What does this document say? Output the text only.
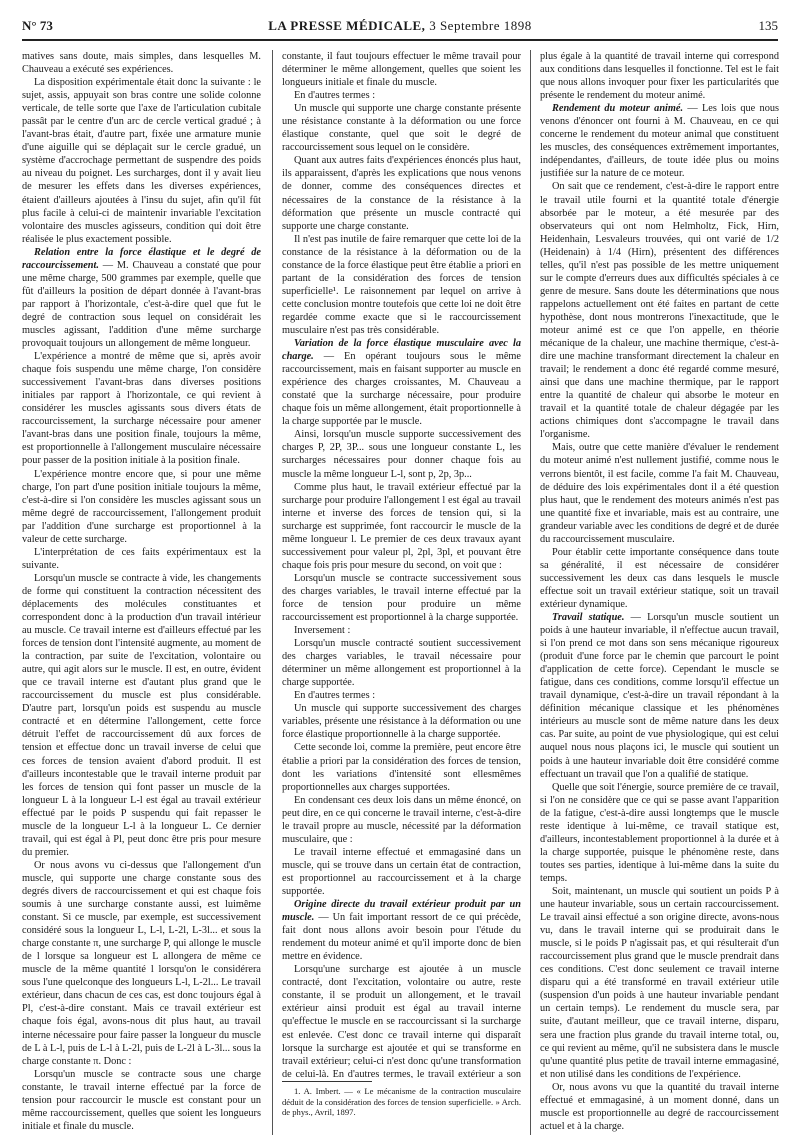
N° 73	LA PRESSE MÉDICALE, 3 Septembre 1898	135

matives sans doute, mais simples, dans lesquelles M. Chauveau a exécuté ses expériences.

La disposition expérimentale était donc la suivante : le sujet, assis, appuyait son bras contre une solide colonne verticale, de telle sorte que l'axe de l'articulation cubitale passât par le centre d'un arc de cercle vertical gradué ; à l'avant-bras était, d'autre part, fixée une armature munie d'une aiguille qui se déplaçait sur le cercle gradué, un système d'accrochage permettant de suspendre des poids au niveau du poignet. Les surcharges, dont il y avait lieu de mesurer les effets dans les diverses expériences, étaient d'ailleurs ajoutées à l'insu du sujet, afin qu'il fût plus facile à celui-ci de maintenir invariable l'excitation volontaire des muscles agisseurs, condition qui doit être réalisée le plus exactement possible.

Relation entre la force élastique et le degré de raccourcissement. — M. Chauveau a constaté que pour une même charge, 500 grammes par exemple, quelle que fût d'ailleurs la position de départ donnée à l'avant-bras par rapport à l'horizontale, c'est-à-dire quel que fut le degré de contraction sous lequel on considérait les muscles agissant, l'addition d'une même surcharge provoquait toujours un allongement de même longueur.

L'expérience a montré de même que si, après avoir chaque fois suspendu une même charge, l'on considère successivement l'avant-bras dans diverses positions initiales par rapport à l'horizontale, ce qui revient à considérer les muscles agissants sous divers états de raccourcissement, la surcharge nécessaire pour amener l'avant-bras dans une position finale, toujours la même, est proportionnelle à l'allongement musculaire nécessaire pour passer de la position initiale à la position finale.

L'expérience montre encore que, si pour une même charge, l'on part d'une position initiale toujours la même, c'est-à-dire si l'on considère les muscles agissant sous un même degré de raccourcissement, l'allongement produit par l'addition d'une surcharge est proportionnel à la valeur de cette surcharge.

L'interprétation de ces faits expérimentaux est la suivante.

Lorsqu'un muscle se contracte à vide, les changements de forme qui constituent la contraction nécessitent des déplacements des molécules constituantes et correspondent donc à la production d'un travail intérieur au muscle. Ce travail interne est d'ailleurs effectué par les forces de tension dont l'intensité augmente, au moment de la contraction, par suite de l'excitation, volontaire ou autre, qui agit alors sur le muscle. Il est, en outre, évident que ce travail interne est d'autant plus grand que le raccourcissement du muscle est plus considérable. D'autre part, lorsqu'un poids est suspendu au muscle contracté et en détermine l'allongement, cette force détruit l'effet de raccourcissement dû aux forces de tension et effectue donc un travail inverse de celui que ces forces de tension avaient d'abord produit. Il est d'ailleurs incontestable que le travail interne produit par les forces de tension qui font passer un muscle de la longueur L à la longueur L-l est égal au travail extérieur effectué par le poids P suspendu qui fait repasser le muscle de la longueur L-l à la longueur L. Ce dernier travail, qui est égal à Pl, peut donc être pris pour mesure du premier.

Or nous avons vu ci-dessus que l'allongement d'un muscle, qui supporte une charge constante sous des degrés divers de raccourcissement et qui est chaque fois soumis à une surcharge constante aussi, est luimême constant. Si ce muscle, par exemple, est successivement considéré sous la longueur L, L-l, L-2l, L-3l... et sous la charge constante π, une surcharge P, qui allonge le muscle de l lorsque sa longueur est L allongera de même ce muscle de la même quantité l lorsqu'on le considérera sous l'une quelconque des longueurs L-l, L-2l... Le travail extérieur, dans chacun de ces cas, est donc toujours égal à Pl, c'est-à-dire constant. Mais ce travail extérieur est chaque fois égal, avons-nous dit plus haut, au travail interne nécessaire pour faire passer la longueur du muscle de L à L-l, puis de L-l à L-2l, puis de L-2l à L-3l... sous la charge constante π. Donc :

Lorsqu'un muscle se contracte sous une charge constante, le travail interne effectué par la force de tension pour raccourcir le muscle est constant pour un même raccourcissement, quelles que soient les longueurs initiale et finale du muscle.

constante, il faut toujours effectuer le même travail pour déterminer le même allongement, quelles que soient les longueurs initiale et finale du muscle.

En d'autres termes :

Un muscle qui supporte une charge constante présente une résistance constante à la déformation ou une force élastique constante, quel que soit le degré de raccourcissement sous lequel on le considère.

Quant aux autres faits d'expériences énoncés plus haut, ils apparaissent, d'après les explications que nous venons de donner, comme des conséquences directes et nécessaires de la constance de la résistance à la déformation que présente un muscle contracté qui supporte une charge constante.

Il n'est pas inutile de faire remarquer que cette loi de la constance de la résistance à la déformation ou de la constance de la force élastique peut être établie a priori en partant de la considération des forces de tension superficielle¹. Le raisonnement par lequel on arrive à cette conclusion montre toutefois que cette loi ne doit être regardée comme exacte que si le raccourcissement musculaire n'est pas très considérable.

Variation de la force élastique musculaire avec la charge. — En opérant toujours sous le même raccourcissement, mais en faisant supporter au muscle en expérience des charges croissantes, M. Chauveau a constaté que la surcharge nécessaire, pour produire chaque fois un même allongement, était proportionnelle à la charge supportée par le muscle.

Ainsi, lorsqu'un muscle supporte successivement des charges P, 2P, 3P... sous une longueur constante L, les surcharges nécessaires pour donner chaque fois au muscle la même longueur L-l, sont p, 2p, 3p...

Comme plus haut, le travail extérieur effectué par la surcharge pour produire l'allongement l est égal au travail interne et inverse des forces de tension qui, si la surcharge est supprimée, font raccourcir le muscle de la même longueur l. Le premier de ces deux travaux ayant successivement pour valeur pl, 2pl, 3pl, et pouvant être chaque fois pris pour mesure du second, on voit que :

Lorsqu'un muscle se contracte successivement sous des charges variables, le travail interne effectué par la force de tension pour produire un même raccourcissement est proportionnel à la charge supportée.

Inversement :

Lorsqu'un muscle contracté soutient successivement des charges variables, le travail nécessaire pour déterminer un même allongement est proportionnel à la charge supportée.

En d'autres termes :

Un muscle qui supporte successivement des charges variables, présente une résistance à la déformation ou une force élastique proportionnelle à la charge supportée.

Cette seconde loi, comme la première, peut encore être établie a priori par la considération des forces de tension, dont les variations d'intensité sont ellesmêmes proportionnelles aux charges supportées.

En condensant ces deux lois dans un même énoncé, on peut dire, en ce qui concerne le travail interne, c'est-à-dire le travail propre au muscle, nécessité par la déformation musculaire, que :

Le travail interne effectué et emmagasiné dans un muscle, qui se trouve dans un certain état de contraction, est proportionnel au raccourcissement et à la charge supportée.

Origine directe du travail extérieur produit par un muscle. — Un fait important ressort de ce qui précède, fait dont nous allons avoir besoin pour l'étude du rendement du moteur animé et qu'il importe donc de bien mettre en évidence.

Lorsqu'une surcharge est ajoutée à un muscle contracté, dont l'excitation, volontaire ou autre, reste constante, il se produit un allongement, et le travail extérieur ainsi produit est égal au travail interne qu'effectue le muscle en se raccourcissant si la surcharge est enlevée. C'est donc ce travail interne qui disparaît lorsque la surcharge est ajoutée et qui se transforme en travail extérieur; celui-ci n'est donc qu'une transformation de celui-là. En d'autres termes, le travail extérieur a son

1. A. Imbert. — « Le mécanisme de la contraction musculaire déduit de la considération des forces de tension superficielle. » Arch. de phys., Avril, 1897.

plus égale à la quantité de travail interne qui correspond aux conditions dans lesquelles il fonctionne. Tel est le fait que nous allons invoquer pour fixer les particularités que présente le rendement du moteur animé.

Rendement du moteur animé. — Les lois que nous venons d'énoncer ont fourni à M. Chauveau, en ce qui concerne le rendement du moteur animal que constituent les muscles, des conséquences extrêmement importantes, indépendantes, d'ailleurs, de toute idée plus ou moins justifiée sur la nature de ce moteur.

On sait que ce rendement, c'est-à-dire le rapport entre le travail utile fourni et la quantité totale d'énergie absorbée par le moteur, a été mesurée par des observateurs qui ont nom Helmholtz, Fick, Hirn, Heidenhain, Lesvaleurs trouvées, qui ont varié de 1/2 (Heidenain) à 1/4 (Hirn), présentent des différences telles, qu'il n'est pas possible de les mettre uniquement sur le compte d'erreurs dues aux difficultés spéciales à ce genre de mesure. Sans doute les déterminations que nous rappelons actuellement ont été faites en partant de cette hypothèse, dont nous montrerons l'inexactitude, que le moteur animé est ce que l'on appelle, en théorie mécanique de la chaleur, une machine thermique, c'est-à-dire une machine transformant directement la chaleur en travail; le rendement a donc été regardé comme mesuré, ainsi que dans une machine thermique, par le rapport entre la quantité de chaleur qui absorbe le moteur en travail et la quantité totale de chaleur dégagée par les actions chimiques dont s'accompagne le travail dans l'organisme.

Mais, outre que cette manière d'évaluer le rendement du moteur animé n'est nullement justifié, comme nous le verrons bientôt, il est facile, comme l'a fait M. Chauveau, de déduire des lois expérimentales dont il a été question plus haut, que le rendement des moteurs animés n'est pas une quantité fixe et invariable, mais est au contraire, une grandeur variable avec les conditions de degré et de durée du raccourcissement musculaire.

Pour établir cette importante conséquence dans toute sa généralité, il est nécessaire de considérer successivement les deux cas dans lesquels le muscle effectue soit un travail extérieur statique, soit un travail extérieur dynamique.

Travail statique. — Lorsqu'un muscle soutient un poids à une hauteur invariable, il n'effectue aucun travail, si l'on prend ce mot dans son sens mécanique rigoureux (produit d'une force par le chemin que parcourt le point d'application de cette force). Cependant le muscle se fatigue, dans ces conditions, comme lorsqu'il effectue un travail dynamique, c'est-à-dire un travail répondant à la définition mécanique classique et les phénomènes intérieurs au muscle sont de même nature dans les deux cas. Par suite, au point de vue physiologique, qui est celui auquel nous nous plaçons ici, le muscle qui soutient un poids à une hauteur invariable doit être considéré comme effectuant un travail que l'on a qualifié de statique.

Quelle que soit l'énergie, source première de ce travail, si l'on ne considère que ce qui se passe avant l'apparition de la fatigue, c'est-à-dire aussi longtemps que le muscle reste identique à lui-même, ce travail statique est, d'ailleurs, incontestablement proportionnel à la durée et à la charge supportée, puisque le phénomène reste, dans toutes ses parties, identique à lui-même dans la suite du temps.

Soit, maintenant, un muscle qui soutient un poids P à une hauteur invariable, sous un certain raccourcissement. Le travail ainsi effectué a son origine directe, avons-nous vu, dans le travail interne qui se produirait dans le muscle, si le poids P n'agissait pas, et qui résulterait d'un raccourcissement plus grand que le muscle prendrait dans ces conditions. C'est donc seulement ce travail interne disparu qui a été transformé en travail extérieur utile (suspension d'un poids à une hauteur invariable pendant un certain temps). Le rendement du muscle sera, par suite, d'autant meilleur, que ce travail interne, disparu, sera une fraction plus grande du travail interne total, ou, ce qui revient au même, qu'il ne subsistera dans le muscle qu'une quantité plus petite de travail interne emmagasiné, et non utilisé dans les conditions de l'expérience.

Or, nous avons vu que la quantité du travail interne effectué et emmagasiné, à un moment donné, dans un muscle est proportionnelle au degré de raccourcissement actuel et à la charge.
